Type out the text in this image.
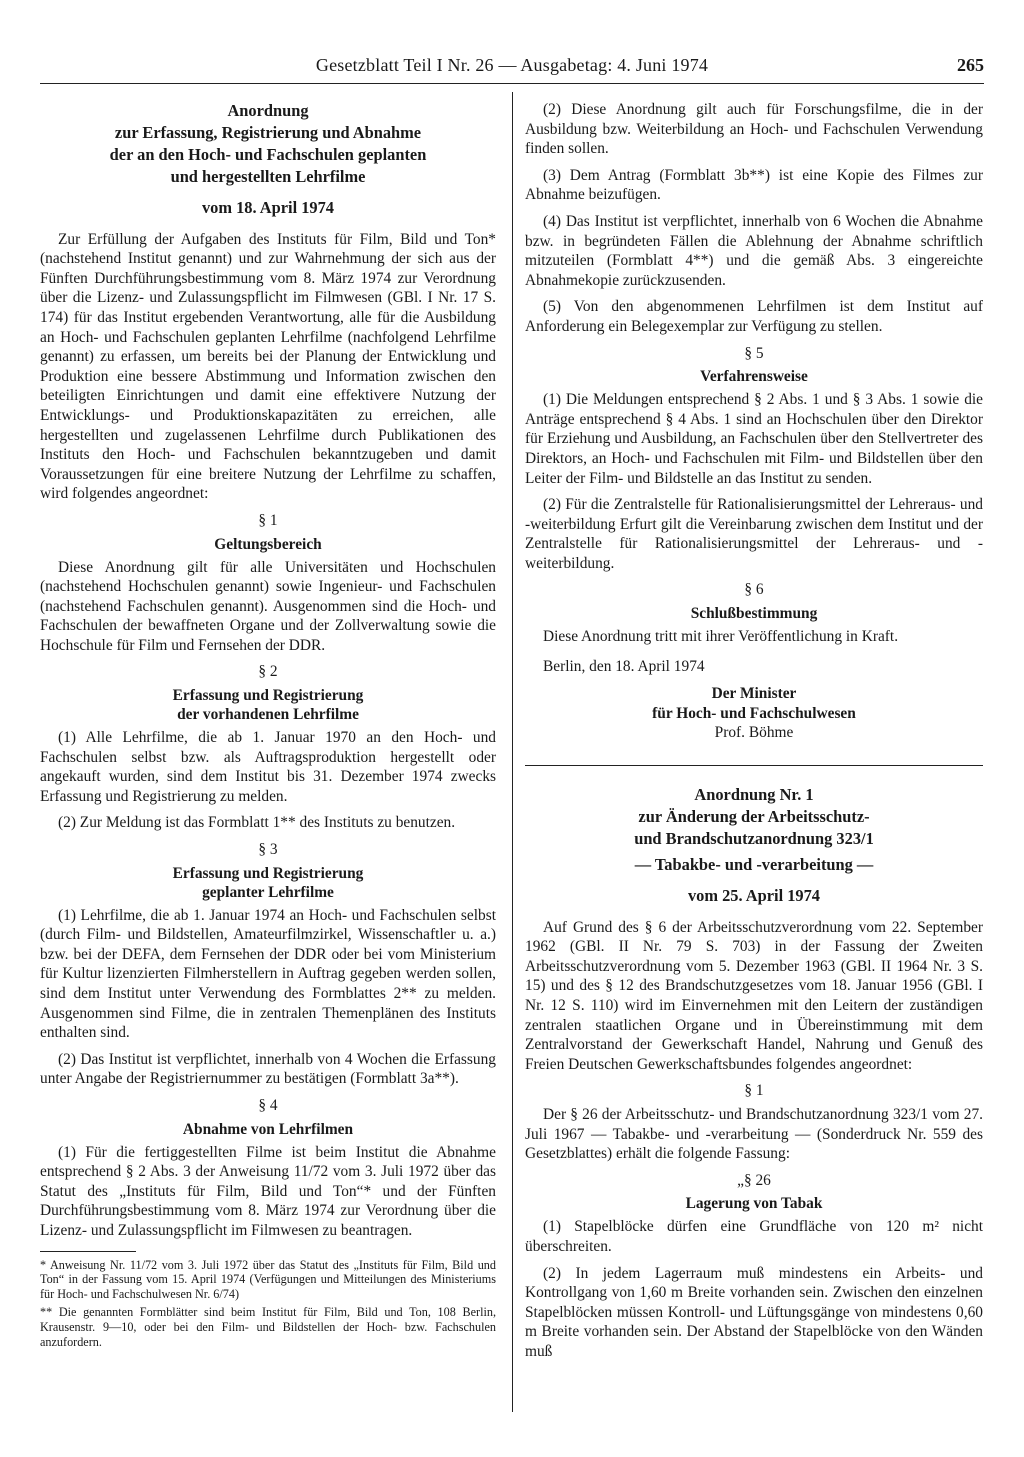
Gesetzblatt Teil I Nr. 26 — Ausgabetag: 4. Juni 1974	265

Anordnung

zur Erfassung, Registrierung und Abnahme

der an den Hoch- und Fachschulen geplanten

und hergestellten Lehrfilme

vom 18. April 1974

Zur Erfüllung der Aufgaben des Instituts für Film, Bild und Ton* (nachstehend Institut genannt) und zur Wahrnehmung der sich aus der Fünften Durchführungsbestimmung vom 8. März 1974 zur Verordnung über die Lizenz- und Zulassungspflicht im Filmwesen (GBl. I Nr. 17 S. 174) für das Institut ergebenden Verantwortung, alle für die Ausbildung an Hoch- und Fachschulen geplanten Lehrfilme (nachfolgend Lehrfilme genannt) zu erfassen, um bereits bei der Planung der Entwicklung und Produktion eine bessere Abstimmung und Information zwischen den beteiligten Einrichtungen und damit eine effektivere Nutzung der Entwicklungs- und Produktionskapazitäten zu erreichen, alle hergestellten und zugelassenen Lehrfilme durch Publikationen des Instituts den Hoch- und Fachschulen bekanntzugeben und damit Voraussetzungen für eine breitere Nutzung der Lehrfilme zu schaffen, wird folgendes angeordnet:

§ 1

Geltungsbereich

Diese Anordnung gilt für alle Universitäten und Hochschulen (nachstehend Hochschulen genannt) sowie Ingenieur- und Fachschulen (nachstehend Fachschulen genannt). Ausgenommen sind die Hoch- und Fachschulen der bewaffneten Organe und der Zollverwaltung sowie die Hochschule für Film und Fernsehen der DDR.

§ 2

Erfassung und Registrierung

der vorhandenen Lehrfilme

(1) Alle Lehrfilme, die ab 1. Januar 1970 an den Hoch- und Fachschulen selbst bzw. als Auftragsproduktion hergestellt oder angekauft wurden, sind dem Institut bis 31. Dezember 1974 zwecks Erfassung und Registrierung zu melden.

(2) Zur Meldung ist das Formblatt 1** des Instituts zu benutzen.

§ 3

Erfassung und Registrierung

geplanter Lehrfilme

(1) Lehrfilme, die ab 1. Januar 1974 an Hoch- und Fachschulen selbst (durch Film- und Bildstellen, Amateurfilmzirkel, Wissenschaftler u. a.) bzw. bei der DEFA, dem Fernsehen der DDR oder bei vom Ministerium für Kultur lizenzierten Filmherstellern in Auftrag gegeben werden sollen, sind dem Institut unter Verwendung des Formblattes 2** zu melden. Ausgenommen sind Filme, die in zentralen Themenplänen des Instituts enthalten sind.

(2) Das Institut ist verpflichtet, innerhalb von 4 Wochen die Erfassung unter Angabe der Registriernummer zu bestätigen (Formblatt 3a**).

§ 4

Abnahme von Lehrfilmen

(1) Für die fertiggestellten Filme ist beim Institut die Abnahme entsprechend § 2 Abs. 3 der Anweisung 11/72 vom 3. Juli 1972 über das Statut des „Instituts für Film, Bild und Ton“* und der Fünften Durchführungsbestimmung vom 8. März 1974 zur Verordnung über die Lizenz- und Zulassungspflicht im Filmwesen zu beantragen.

* Anweisung Nr. 11/72 vom 3. Juli 1972 über das Statut des „Instituts für Film, Bild und Ton“ in der Fassung vom 15. April 1974 (Verfügungen und Mitteilungen des Ministeriums für Hoch- und Fachschulwesen Nr. 6/74)

** Die genannten Formblätter sind beim Institut für Film, Bild und Ton, 108 Berlin, Krausenstr. 9—10, oder bei den Film- und Bildstellen der Hoch- bzw. Fachschulen anzufordern.

(2) Diese Anordnung gilt auch für Forschungsfilme, die in der Ausbildung bzw. Weiterbildung an Hoch- und Fachschulen Verwendung finden sollen.

(3) Dem Antrag (Formblatt 3b**) ist eine Kopie des Filmes zur Abnahme beizufügen.

(4) Das Institut ist verpflichtet, innerhalb von 6 Wochen die Abnahme bzw. in begründeten Fällen die Ablehnung der Abnahme schriftlich mitzuteilen (Formblatt 4**) und die gemäß Abs. 3 eingereichte Abnahmekopie zurückzusenden.

(5) Von den abgenommenen Lehrfilmen ist dem Institut auf Anforderung ein Belegexemplar zur Verfügung zu stellen.

§ 5

Verfahrensweise

(1) Die Meldungen entsprechend § 2 Abs. 1 und § 3 Abs. 1 sowie die Anträge entsprechend § 4 Abs. 1 sind an Hochschulen über den Direktor für Erziehung und Ausbildung, an Fachschulen über den Stellvertreter des Direktors, an Hoch- und Fachschulen mit Film- und Bildstellen über den Leiter der Film- und Bildstelle an das Institut zu senden.

(2) Für die Zentralstelle für Rationalisierungsmittel der Lehreraus- und -weiterbildung Erfurt gilt die Vereinbarung zwischen dem Institut und der Zentralstelle für Rationalisierungsmittel der Lehreraus- und -weiterbildung.

§ 6

Schlußbestimmung

Diese Anordnung tritt mit ihrer Veröffentlichung in Kraft.

Berlin, den 18. April 1974

Der Minister

für Hoch- und Fachschulwesen

Prof. Böhme

Anordnung Nr. 1

zur Änderung der Arbeitsschutz-

und Brandschutzanordnung 323/1

— Tabakbe- und -verarbeitung —

vom 25. April 1974

Auf Grund des § 6 der Arbeitsschutzverordnung vom 22. September 1962 (GBl. II Nr. 79 S. 703) in der Fassung der Zweiten Arbeitsschutzverordnung vom 5. Dezember 1963 (GBl. II 1964 Nr. 3 S. 15) und des § 12 des Brandschutzgesetzes vom 18. Januar 1956 (GBl. I Nr. 12 S. 110) wird im Einvernehmen mit den Leitern der zuständigen zentralen staatlichen Organe und in Übereinstimmung mit dem Zentralvorstand der Gewerkschaft Handel, Nahrung und Genuß des Freien Deutschen Gewerkschaftsbundes folgendes angeordnet:

§ 1

Der § 26 der Arbeitsschutz- und Brandschutzanordnung 323/1 vom 27. Juli 1967 — Tabakbe- und -verarbeitung — (Sonderdruck Nr. 559 des Gesetzblattes) erhält die folgende Fassung:

„§ 26

Lagerung von Tabak

(1) Stapelblöcke dürfen eine Grundfläche von 120 m² nicht überschreiten.

(2) In jedem Lagerraum muß mindestens ein Arbeits- und Kontrollgang von 1,60 m Breite vorhanden sein. Zwischen den einzelnen Stapelblöcken müssen Kontroll- und Lüftungsgänge von mindestens 0,60 m Breite vorhanden sein. Der Abstand der Stapelblöcke von den Wänden muß
